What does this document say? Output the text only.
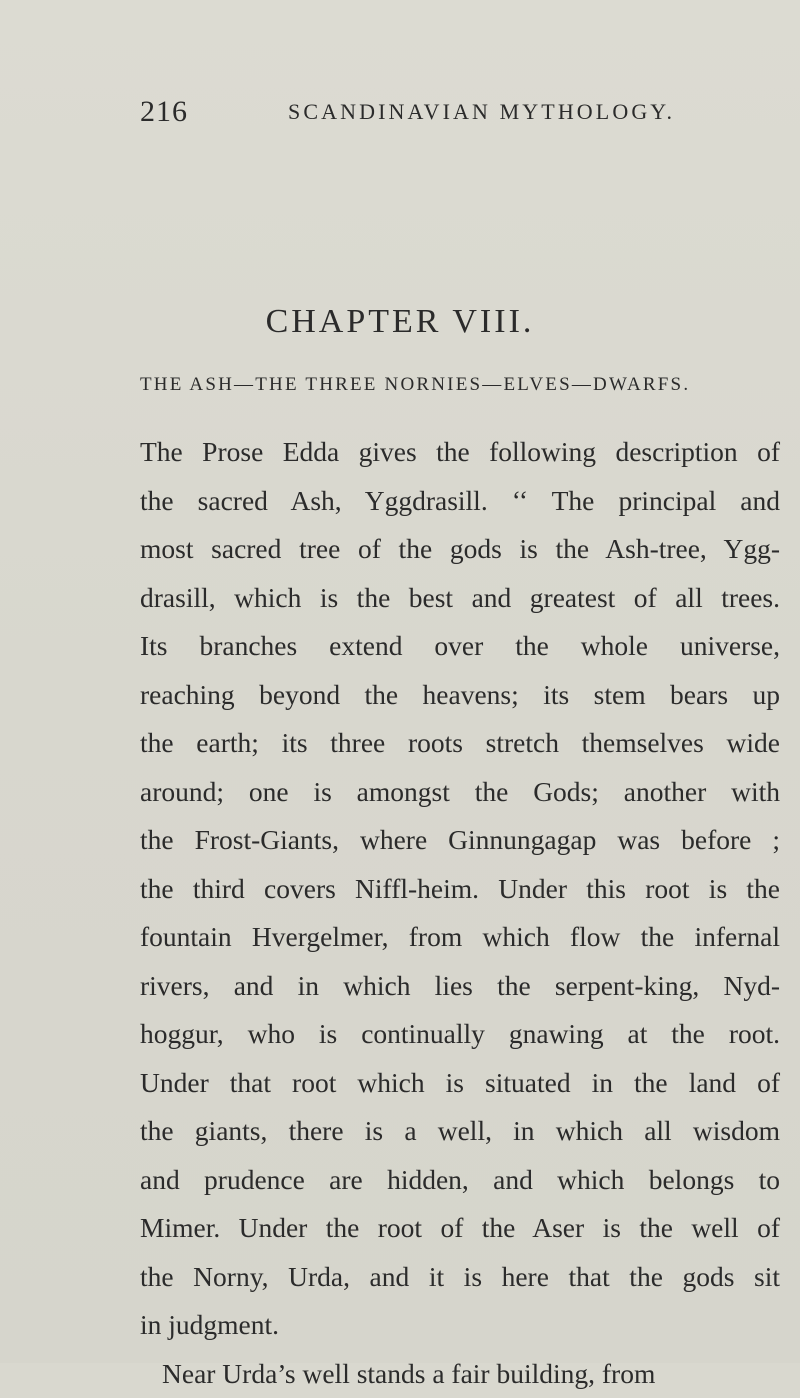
216	SCANDINAVIAN MYTHOLOGY.
CHAPTER VIII.
THE ASH—THE THREE NORNIES—ELVES—DWARFS.
The Prose Edda gives the following description of
the sacred Ash, Yggdrasill. ‘‘ The principal and
most sacred tree of the gods is the Ash-tree, Ygg-
drasill, which is the best and greatest of all trees.
Its branches extend over the whole universe,
reaching beyond the heavens; its stem bears up
the earth; its three roots stretch themselves wide
around; one is amongst the Gods; another with
the Frost-Giants, where Ginnungagap was before ;
the third covers Niffl-heim. Under this root is the
fountain Hvergelmer, from which flow the infernal
rivers, and in which lies the serpent-king, Nyd-
hoggur, who is continually gnawing at the root.
Under that root which is situated in the land of
the giants, there is a well, in which all wisdom
and prudence are hidden, and which belongs to
Mimer. Under the root of the Aser is the well of
the Norny, Urda, and it is here that the gods sit
in judgment.
Near Urda’s well stands a fair building, from
